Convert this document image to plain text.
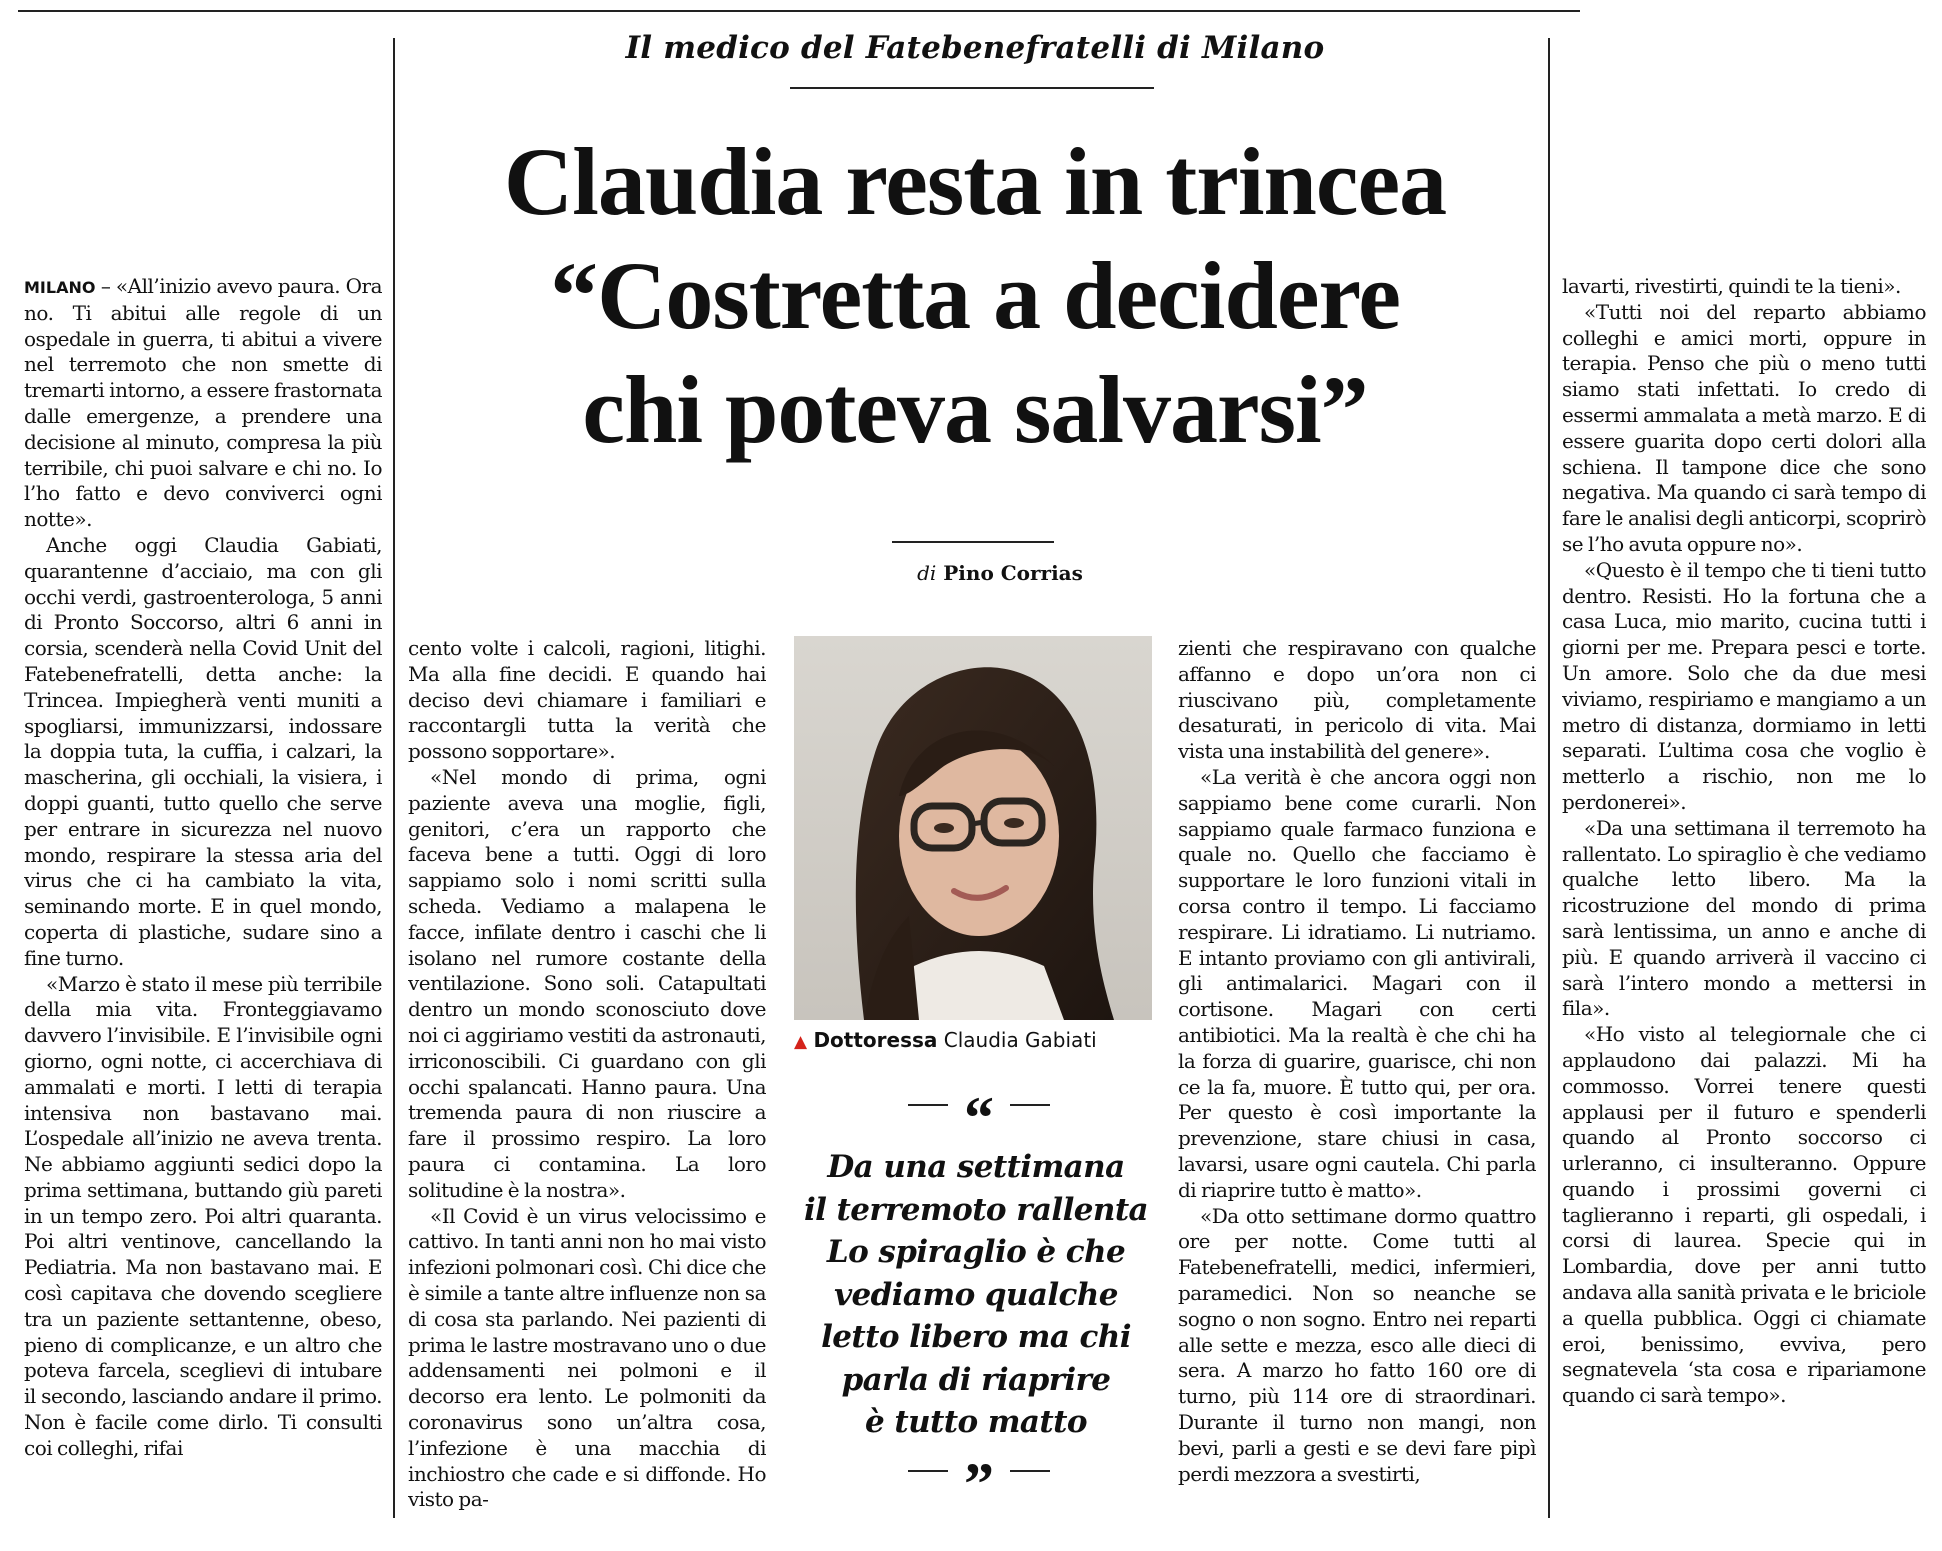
Il medico del Fatebenefratelli di Milano
Claudia resta in trincea
“Costretta a decidere
chi poteva salvarsi”
di Pino Corrias

MILANO – «All’inizio avevo paura. Ora no. Ti abitui alle regole di un ospedale in guerra, ti abitui a vivere nel terremoto che non smette di tremarti intorno, a essere frastornata dalle emergenze, a prendere una decisione al minuto, compresa la più terribile, chi puoi salvare e chi no. Io l’ho fatto e devo conviverci ogni notte».

Anche oggi Claudia Gabiati, quarantenne d’acciaio, ma con gli occhi verdi, gastroenterologa, 5 anni di Pronto Soccorso, altri 6 anni in corsia, scenderà nella Covid Unit del Fatebenefratelli, detta anche: la Trincea. Impiegherà venti muniti a spogliarsi, immunizzarsi, indossare la doppia tuta, la cuffia, i calzari, la mascherina, gli occhiali, la visiera, i doppi guanti, tutto quello che serve per entrare in sicurezza nel nuovo mondo, respirare la stessa aria del virus che ci ha cambiato la vita, seminando morte. E in quel mondo, coperta di plastiche, sudare sino a fine turno.

«Marzo è stato il mese più terribile della mia vita. Fronteggiavamo davvero l’invisibile. E l’invisibile ogni giorno, ogni notte, ci accerchiava di ammalati e morti. I letti di terapia intensiva non bastavano mai. L’ospedale all’inizio ne aveva trenta. Ne abbiamo aggiunti sedici dopo la prima settimana, buttando giù pareti in un tempo zero. Poi altri quaranta. Poi altri ventinove, cancellando la Pediatria. Ma non bastavano mai. E così capitava che dovendo scegliere tra un paziente settantenne, obeso, pieno di complicanze, e un altro che poteva farcela, sceglievi di intubare il secondo, lasciando andare il primo. Non è facile come dirlo. Ti consulti coi colleghi, rifai

cento volte i calcoli, ragioni, litighi. Ma alla fine decidi. E quando hai deciso devi chiamare i familiari e raccontargli tutta la verità che possono sopportare».

«Nel mondo di prima, ogni paziente aveva una moglie, figli, genitori, c’era un rapporto che faceva bene a tutti. Oggi di loro sappiamo solo i nomi scritti sulla scheda. Vediamo a malapena le facce, infilate dentro i caschi che li isolano nel rumore costante della ventilazione. Sono soli. Catapultati dentro un mondo sconosciuto dove noi ci aggiriamo vestiti da astronauti, irriconoscibili. Ci guardano con gli occhi spalancati. Hanno paura. Una tremenda paura di non riuscire a fare il prossimo respiro. La loro paura ci contamina. La loro solitudine è la nostra».

«Il Covid è un virus velocissimo e cattivo. In tanti anni non ho mai visto infezioni polmonari così. Chi dice che è simile a tante altre influenze non sa di cosa sta parlando. Nei pazienti di prima le lastre mostravano uno o due addensamenti nei polmoni e il decorso era lento. Le polmoniti da coronavirus sono un’altra cosa, l’infezione è una macchia di inchiostro che cade e si diffonde. Ho visto pa-

▲ Dottoressa Claudia Gabiati
“
Da una settimana
il terremoto rallenta
Lo spiraglio è che
vediamo qualche
letto libero ma chi
parla di riaprire
è tutto matto
”

zienti che respiravano con qualche affanno e dopo un’ora non ci riuscivano più, completamente desaturati, in pericolo di vita. Mai vista una instabilità del genere».

«La verità è che ancora oggi non sappiamo bene come curarli. Non sappiamo quale farmaco funziona e quale no. Quello che facciamo è supportare le loro funzioni vitali in corsa contro il tempo. Li facciamo respirare. Li idratiamo. Li nutriamo. E intanto proviamo con gli antivirali, gli antimalarici. Magari con il cortisone. Magari con certi antibiotici. Ma la realtà è che chi ha la forza di guarire, guarisce, chi non ce la fa, muore. È tutto qui, per ora. Per questo è così importante la prevenzione, stare chiusi in casa, lavarsi, usare ogni cautela. Chi parla di riaprire tutto è matto».

«Da otto settimane dormo quattro ore per notte. Come tutti al Fatebenefratelli, medici, infermieri, paramedici. Non so neanche se sogno o non sogno. Entro nei reparti alle sette e mezza, esco alle dieci di sera. A marzo ho fatto 160 ore di turno, più 114 ore di straordinari. Durante il turno non mangi, non bevi, parli a gesti e se devi fare pipì perdi mezzora a svestirti,

lavarti, rivestirti, quindi te la tieni».

«Tutti noi del reparto abbiamo colleghi e amici morti, oppure in terapia. Penso che più o meno tutti siamo stati infettati. Io credo di essermi ammalata a metà marzo. E di essere guarita dopo certi dolori alla schiena. Il tampone dice che sono negativa. Ma quando ci sarà tempo di fare le analisi degli anticorpi, scoprirò se l’ho avuta oppure no».

«Questo è il tempo che ti tieni tutto dentro. Resisti. Ho la fortuna che a casa Luca, mio marito, cucina tutti i giorni per me. Prepara pesci e torte. Un amore. Solo che da due mesi viviamo, respiriamo e mangiamo a un metro di distanza, dormiamo in letti separati. L’ultima cosa che voglio è metterlo a rischio, non me lo perdonerei».

«Da una settimana il terremoto ha rallentato. Lo spiraglio è che vediamo qualche letto libero. Ma la ricostruzione del mondo di prima sarà lentissima, un anno e anche di più. E quando arriverà il vaccino ci sarà l’intero mondo a mettersi in fila».

«Ho visto al telegiornale che ci applaudono dai palazzi. Mi ha commosso. Vorrei tenere questi applausi per il futuro e spenderli quando al Pronto soccorso ci urleranno, ci insulteranno. Oppure quando i prossimi governi ci taglieranno i reparti, gli ospedali, i corsi di laurea. Specie qui in Lombardia, dove per anni tutto andava alla sanità privata e le briciole a quella pubblica. Oggi ci chiamate eroi, benissimo, evviva, pero segnatevela ‘sta cosa e ripariamone quando ci sarà tempo».
